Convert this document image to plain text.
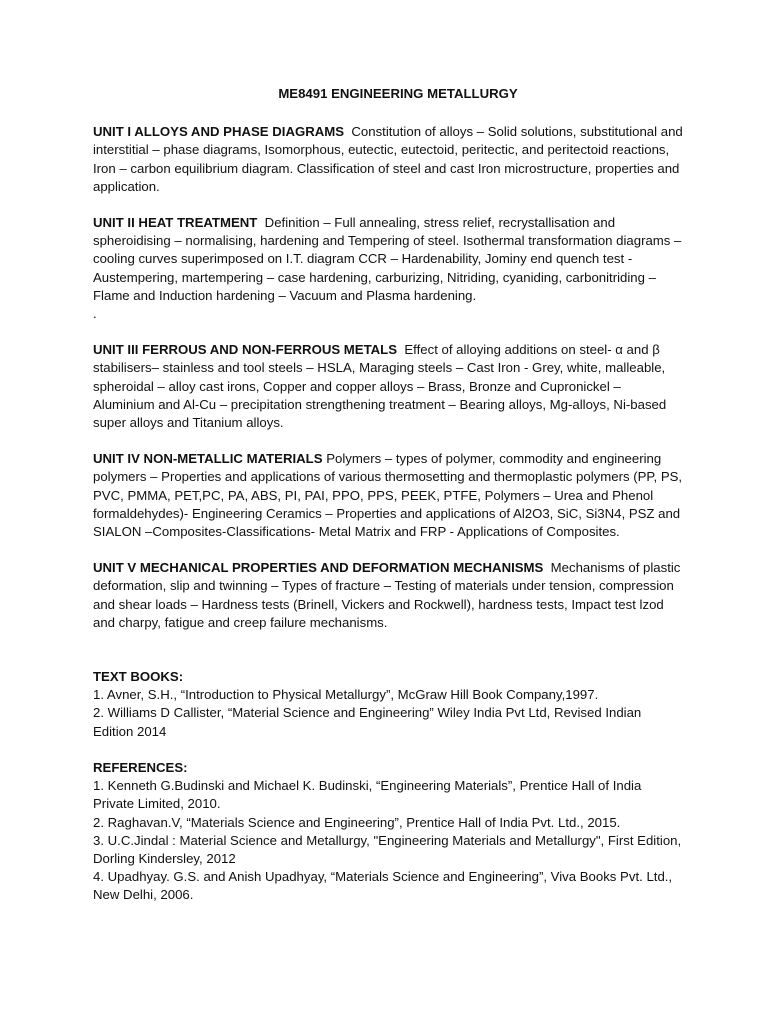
ME8491 ENGINEERING METALLURGY

UNIT I ALLOYS AND PHASE DIAGRAMS Constitution of alloys – Solid solutions, substitutional and interstitial – phase diagrams, Isomorphous, eutectic, eutectoid, peritectic, and peritectoid reactions, Iron – carbon equilibrium diagram. Classification of steel and cast Iron microstructure, properties and application.

UNIT II HEAT TREATMENT Definition – Full annealing, stress relief, recrystallisation and spheroidising – normalising, hardening and Tempering of steel. Isothermal transformation diagrams – cooling curves superimposed on I.T. diagram CCR – Hardenability, Jominy end quench test - Austempering, martempering – case hardening, carburizing, Nitriding, cyaniding, carbonitriding – Flame and Induction hardening – Vacuum and Plasma hardening.

.

UNIT III FERROUS AND NON-FERROUS METALS Effect of alloying additions on steel- α and β stabilisers– stainless and tool steels – HSLA, Maraging steels – Cast Iron - Grey, white, malleable, spheroidal – alloy cast irons, Copper and copper alloys – Brass, Bronze and Cupronickel – Aluminium and Al-Cu – precipitation strengthening treatment – Bearing alloys, Mg-alloys, Ni-based super alloys and Titanium alloys.

UNIT IV NON-METALLIC MATERIALS Polymers – types of polymer, commodity and engineering polymers – Properties and applications of various thermosetting and thermoplastic polymers (PP, PS, PVC, PMMA, PET,PC, PA, ABS, PI, PAI, PPO, PPS, PEEK, PTFE, Polymers – Urea and Phenol formaldehydes)- Engineering Ceramics – Properties and applications of Al2O3, SiC, Si3N4, PSZ and SIALON –Composites-Classifications- Metal Matrix and FRP - Applications of Composites.

UNIT V MECHANICAL PROPERTIES AND DEFORMATION MECHANISMS Mechanisms of plastic deformation, slip and twinning – Types of fracture – Testing of materials under tension, compression and shear loads – Hardness tests (Brinell, Vickers and Rockwell), hardness tests, Impact test lzod and charpy, fatigue and creep failure mechanisms.

TEXT BOOKS:

1. Avner, S.H., “Introduction to Physical Metallurgy”, McGraw Hill Book Company,1997.

2. Williams D Callister, “Material Science and Engineering” Wiley India Pvt Ltd, Revised Indian Edition 2014

REFERENCES:

1. Kenneth G.Budinski and Michael K. Budinski, “Engineering Materials”, Prentice Hall of India Private Limited, 2010.

2. Raghavan.V, “Materials Science and Engineering”, Prentice Hall of India Pvt. Ltd., 2015.

3. U.C.Jindal : Material Science and Metallurgy, "Engineering Materials and Metallurgy", First Edition, Dorling Kindersley, 2012

4. Upadhyay. G.S. and Anish Upadhyay, “Materials Science and Engineering”, Viva Books Pvt. Ltd., New Delhi, 2006.
